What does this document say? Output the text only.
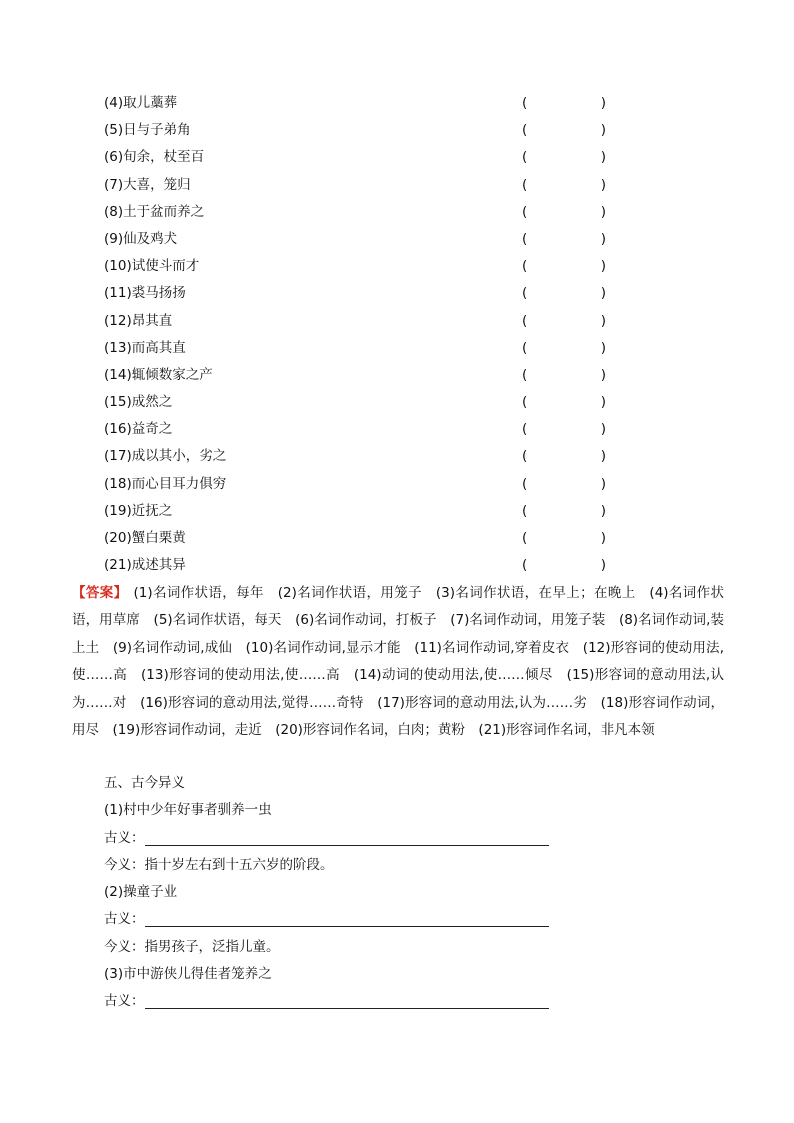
(4)取儿藁葬	(	)
(5)日与子弟角	(	)
(6)旬余，杖至百	(	)
(7)大喜，笼归	(	)
(8)土于盆而养之	(	)
(9)仙及鸡犬	(	)
(10)试使斗而才	(	)
(11)裘马扬扬	(	)
(12)昂其直	(	)
(13)而高其直	(	)
(14)辄倾数家之产	(	)
(15)成然之	(	)
(16)益奇之	(	)
(17)成以其小，劣之	(	)
(18)而心目耳力俱穷	(	)
(19)近抚之	(	)
(20)蟹白栗黄	(	)
(21)成述其异	(	)
【答案】 (1)名词作状语，每年　(2)名词作状语，用笼子　(3)名词作状语，在早上；在晚上　(4)名词作状语，用草席　(5)名词作状语，每天　(6)名词作动词，打板子　(7)名词作动词，用笼子装　(8)名词作动词,装上土　(9)名词作动词,成仙　(10)名词作动词,显示才能　(11)名词作动词,穿着皮衣　(12)形容词的使动用法,使……高　(13)形容词的使动用法,使……高　(14)动词的使动用法,使……倾尽　(15)形容词的意动用法,认为……对　(16)形容词的意动用法,觉得……奇特　(17)形容词的意动用法,认为……劣　(18)形容词作动词，用尽　(19)形容词作动词，走近　(20)形容词作名词，白肉；黄粉　(21)形容词作名词，非凡本领
五、古今异义
(1)村中少年好事者驯养一虫
古义：
今义：指十岁左右到十五六岁的阶段。
(2)操童子业
古义：
今义：指男孩子，泛指儿童。
(3)市中游侠儿得佳者笼养之
古义：
